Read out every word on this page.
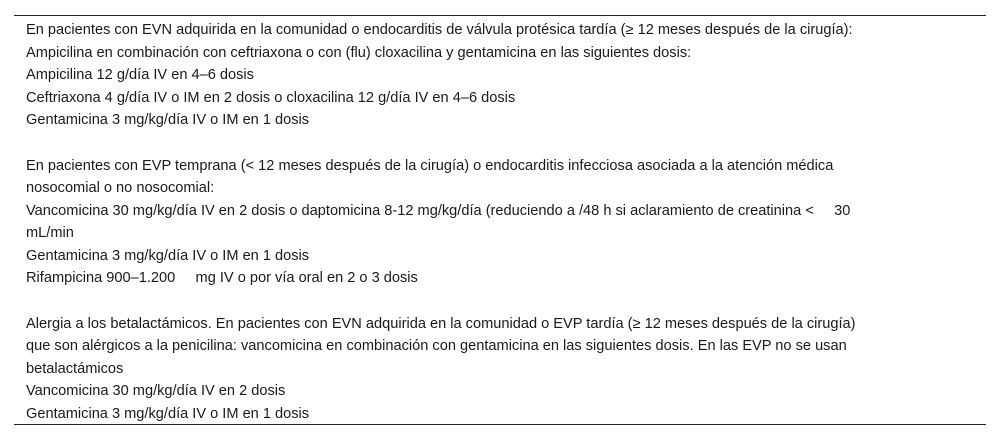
En pacientes con EVN adquirida en la comunidad o endocarditis de válvula protésica tardía (≥ 12 meses después de la cirugía):

Ampicilina en combinación con ceftriaxona o con (flu) cloxacilina y gentamicina en las siguientes dosis:

Ampicilina 12 g/día IV en 4–6 dosis

Ceftriaxona 4 g/día IV o IM en 2 dosis o cloxacilina 12 g/día IV en 4–6 dosis

Gentamicina 3 mg/kg/día IV o IM en 1 dosis

En pacientes con EVP temprana (< 12 meses después de la cirugía) o endocarditis infecciosa asociada a la atención médica

nosocomial o no nosocomial:

Vancomicina 30 mg/kg/día IV en 2 dosis o daptomicina 8-12 mg/kg/día (reduciendo a /48 h si aclaramiento de creatinina <     30

mL/min

Gentamicina 3 mg/kg/día IV o IM en 1 dosis

Rifampicina 900–1.200     mg IV o por vía oral en 2 o 3 dosis

Alergia a los betalactámicos. En pacientes con EVN adquirida en la comunidad o EVP tardía (≥ 12 meses después de la cirugía)

que son alérgicos a la penicilina: vancomicina en combinación con gentamicina en las siguientes dosis. En las EVP no se usan

betalactámicos

Vancomicina 30 mg/kg/día IV en 2 dosis

Gentamicina 3 mg/kg/día IV o IM en 1 dosis
